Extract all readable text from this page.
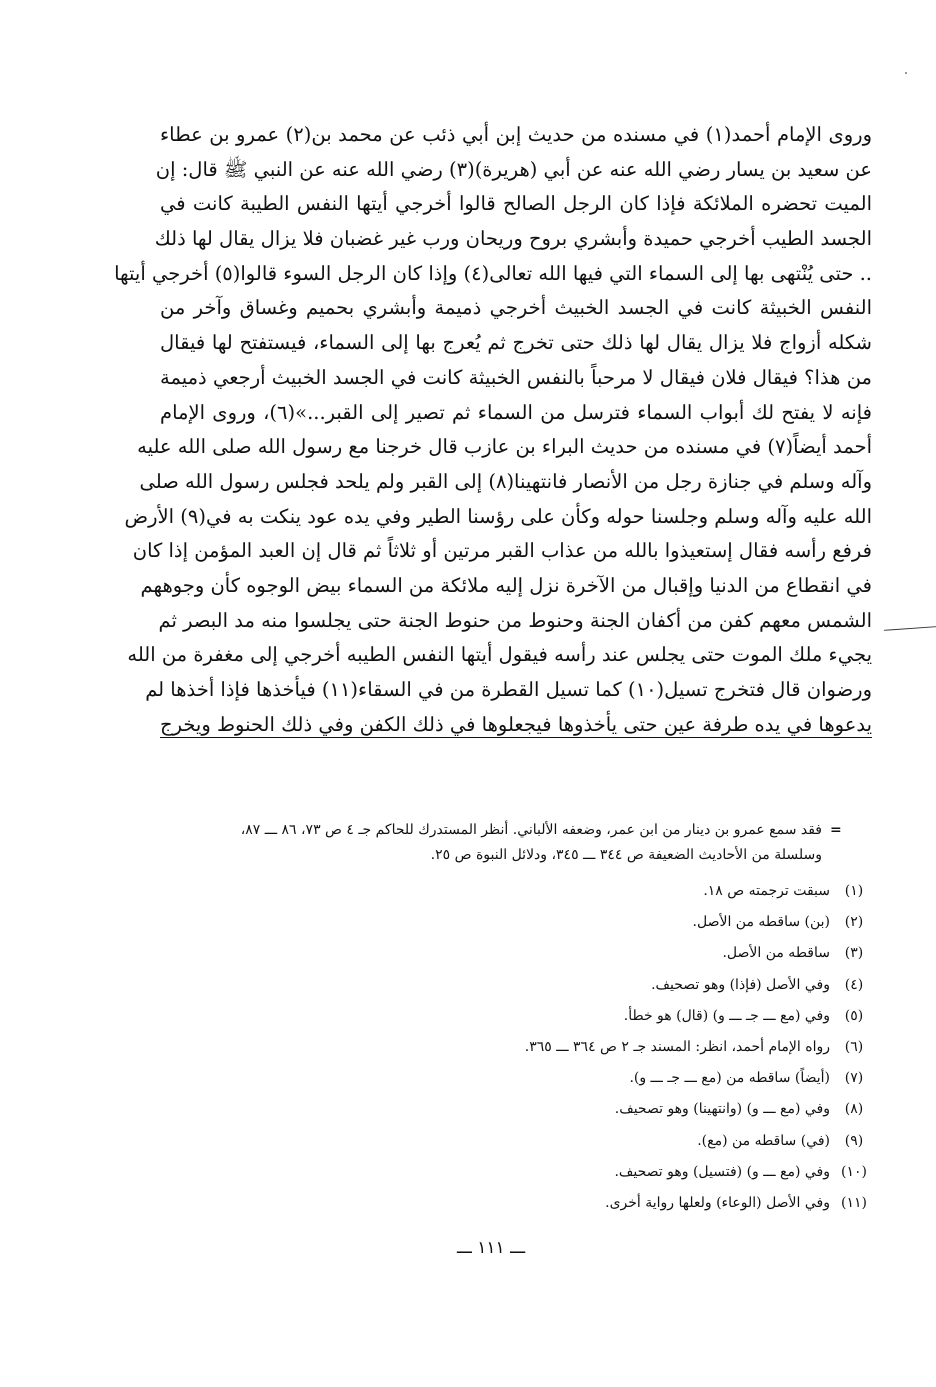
وروى الإمام أحمد(١) في مسنده من حديث إبن أبي ذئب عن محمد بن(٢) عمرو بن عطاء
عن سعيد بن يسار رضي الله عنه عن أبي (هريرة)(٣) رضي الله عنه عن النبي ﷺ قال: إن
الميت تحضره الملائكة فإذا كان الرجل الصالح قالوا أخرجي أيتها النفس الطيبة كانت في
الجسد الطيب أخرجي حميدة وأبشري بروح وريحان ورب غير غضبان فلا يزال يقال لها ذلك
.. حتى يُنْتهى بها إلى السماء التي فيها الله تعالى(٤) وإذا كان الرجل السوء قالوا(٥) أخرجي أيتها
النفس الخبيثة كانت في الجسد الخبيث أخرجي ذميمة وأبشري بحميم وغساق وآخر من
شكله أزواج فلا يزال يقال لها ذلك حتى تخرج ثم يُعرج بها إلى السماء، فيستفتح لها فيقال
من هذا؟ فيقال فلان فيقال لا مرحباً بالنفس الخبيثة كانت في الجسد الخبيث أرجعي ذميمة
فإنه لا يفتح لك أبواب السماء فترسل من السماء ثم تصير إلى القبر...»(٦)، وروى الإمام
أحمد أيضاً(٧) في مسنده من حديث البراء بن عازب قال خرجنا مع رسول الله صلى الله عليه
وآله وسلم في جنازة رجل من الأنصار فانتهينا(٨) إلى القبر ولم يلحد فجلس رسول الله صلى
الله عليه وآله وسلم وجلسنا حوله وكأن على رؤسنا الطير وفي يده عود ينكت به في(٩) الأرض
فرفع رأسه فقال إستعيذوا بالله من عذاب القبر مرتين أو ثلاثاً ثم قال إن العبد المؤمن إذا كان
في انقطاع من الدنيا وإقبال من الآخرة نزل إليه ملائكة من السماء بيض الوجوه كأن وجوههم
الشمس معهم كفن من أكفان الجنة وحنوط من حنوط الجنة حتى يجلسوا منه مد البصر ثم
يجيء ملك الموت حتى يجلس عند رأسه فيقول أيتها النفس الطيبه أخرجي إلى مغفرة من الله
ورضوان قال فتخرج تسيل(١٠) كما تسيل القطرة من في السقاء(١١) فيأخذها فإذا أخذها لم
يدعوها في يده طرفة عين حتى يأخذوها فيجعلوها في ذلك الكفن وفي ذلك الحنوط ويخرج
=
فقد سمع عمرو بن دينار من ابن عمر، وضعفه الألباني. أنظر المستدرك للحاكم جـ ٤ ص ٧٣، ٨٦ ـــ ٨٧،
وسلسلة من الأحاديث الضعيفة ص ٣٤٤ ـــ ٣٤٥، ودلائل النبوة ص ٢٥.
(١)سبقت ترجمته ص ١٨.
(٢)(بن) ساقطه من الأصل.
(٣)ساقطه من الأصل.
(٤)وفي الأصل (فإذا) وهو تصحيف.
(٥)وفي (مع ـــ جـ ـــ و) (قال) هو خطأ.
(٦)رواه الإمام أحمد، انظر: المسند جـ ٢ ص ٣٦٤ ـــ ٣٦٥.
(٧)(أيضاً) ساقطه من (مع ـــ جـ ـــ و).
(٨)وفي (مع ـــ و) (وانتهينا) وهو تصحيف.
(٩)(في) ساقطه من (مع).
(١٠)وفي (مع ـــ و) (فتسيل) وهو تصحيف.
(١١)وفي الأصل (الوعاء) ولعلها رواية أخرى.
ـــ ١١١ ـــ
